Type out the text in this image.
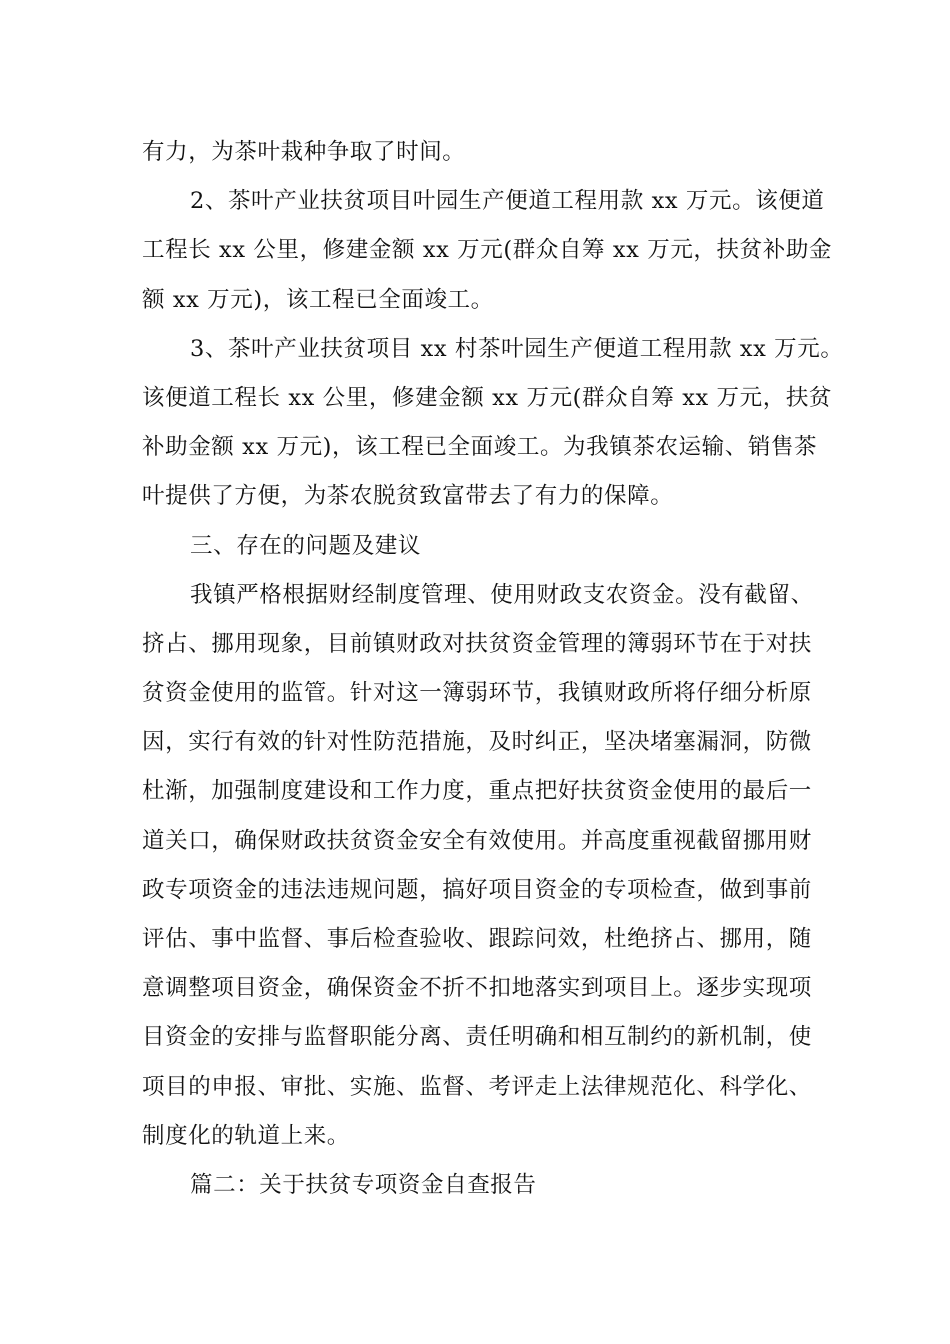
有力，为茶叶栽种争取了时间。
2、茶叶产业扶贫项目叶园生产便道工程用款 xx 万元。该便道
工程长 xx 公里，修建金额 xx 万元(群众自筹 xx 万元，扶贫补助金
额 xx 万元)，该工程已全面竣工。
3、茶叶产业扶贫项目 xx 村茶叶园生产便道工程用款 xx 万元。
该便道工程长 xx 公里，修建金额 xx 万元(群众自筹 xx 万元，扶贫
补助金额 xx 万元)，该工程已全面竣工。为我镇茶农运输、销售茶
叶提供了方便，为茶农脱贫致富带去了有力的保障。
三、存在的问题及建议
我镇严格根据财经制度管理、使用财政支农资金。没有截留、
挤占、挪用现象，目前镇财政对扶贫资金管理的簿弱环节在于对扶
贫资金使用的监管。针对这一簿弱环节，我镇财政所将仔细分析原
因，实行有效的针对性防范措施，及时纠正，坚决堵塞漏洞，防微
杜渐，加强制度建设和工作力度，重点把好扶贫资金使用的最后一
道关口，确保财政扶贫资金安全有效使用。并高度重视截留挪用财
政专项资金的违法违规问题，搞好项目资金的专项检查，做到事前
评估、事中监督、事后检查验收、跟踪问效，杜绝挤占、挪用，随
意调整项目资金，确保资金不折不扣地落实到项目上。逐步实现项
目资金的安排与监督职能分离、责任明确和相互制约的新机制，使
项目的申报、审批、实施、监督、考评走上法律规范化、科学化、
制度化的轨道上来。
篇二：关于扶贫专项资金自查报告
